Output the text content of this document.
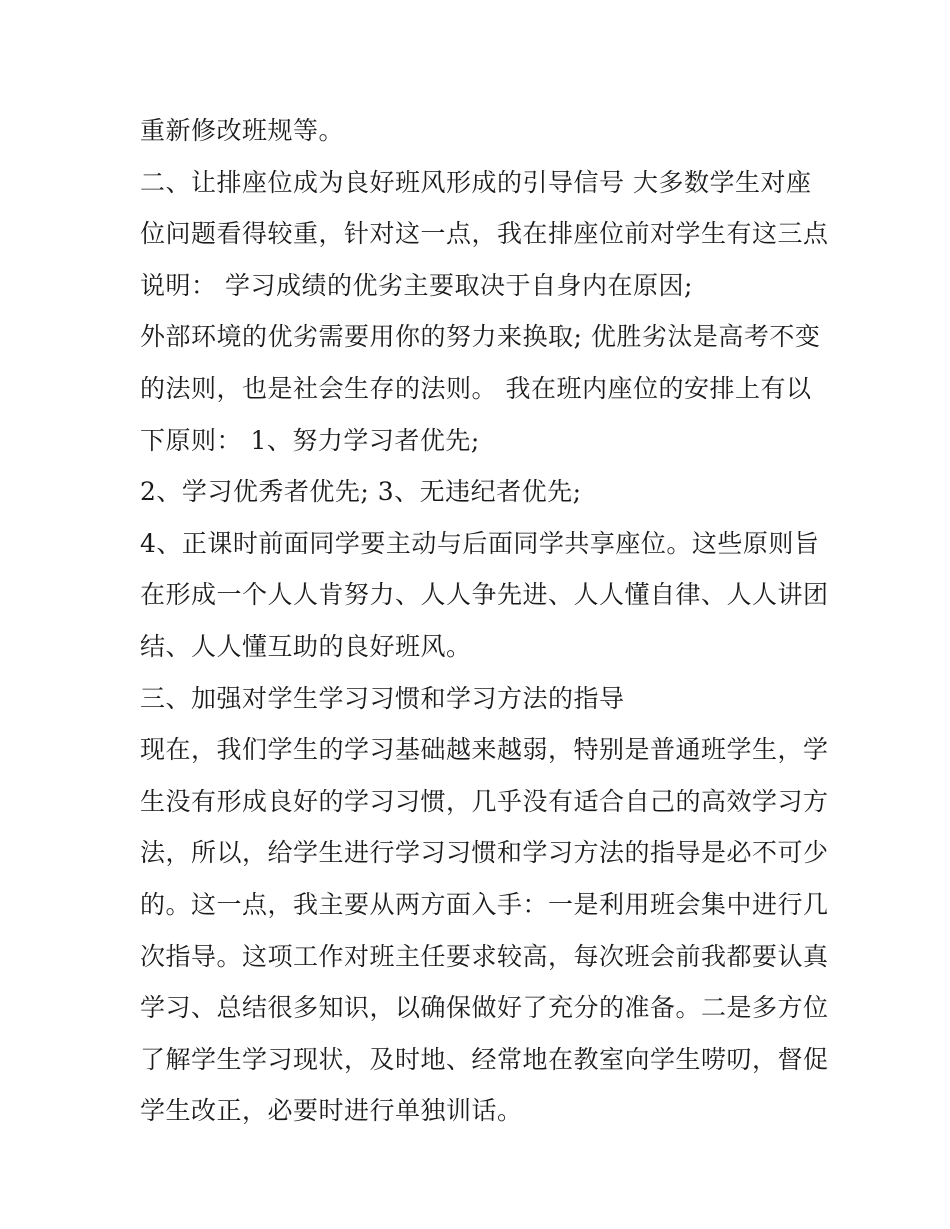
重新修改班规等。
二、让排座位成为良好班风形成的引导信号 大多数学生对座
位问题看得较重，针对这一点，我在排座位前对学生有这三点
说明： 学习成绩的优劣主要取决于自身内在原因;
外部环境的优劣需要用你的努力来换取; 优胜劣汰是高考不变
的法则，也是社会生存的法则。 我在班内座位的安排上有以
下原则： 1、努力学习者优先;
2、学习优秀者优先; 3、无违纪者优先;
4、正课时前面同学要主动与后面同学共享座位。这些原则旨
在形成一个人人肯努力、人人争先进、人人懂自律、人人讲团
结、人人懂互助的良好班风。
三、加强对学生学习习惯和学习方法的指导
现在，我们学生的学习基础越来越弱，特别是普通班学生，学
生没有形成良好的学习习惯，几乎没有适合自己的高效学习方
法，所以，给学生进行学习习惯和学习方法的指导是必不可少
的。这一点，我主要从两方面入手：一是利用班会集中进行几
次指导。这项工作对班主任要求较高，每次班会前我都要认真
学习、总结很多知识，以确保做好了充分的准备。二是多方位
了解学生学习现状，及时地、经常地在教室向学生唠叨，督促
学生改正，必要时进行单独训话。
